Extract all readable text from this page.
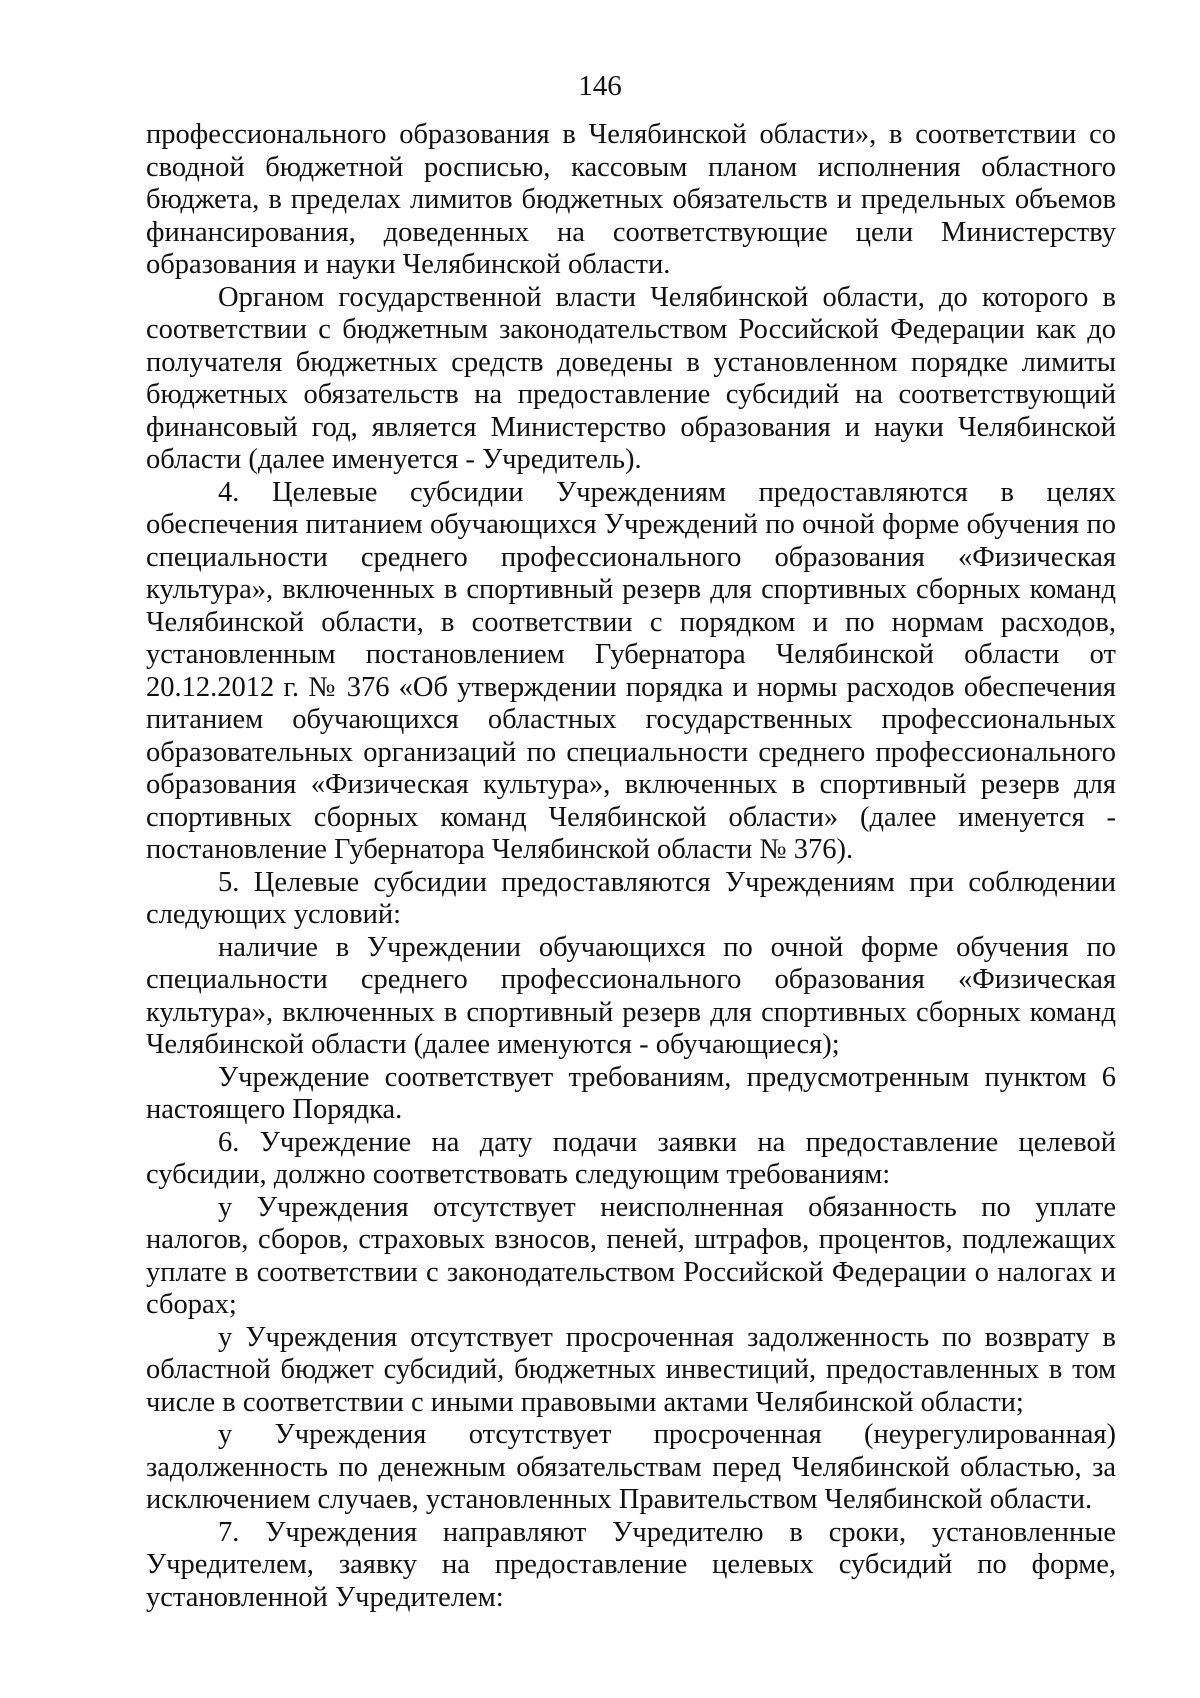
146

профессионального образования в Челябинской области», в соответствии со сводной бюджетной росписью, кассовым планом исполнения областного бюджета, в пределах лимитов бюджетных обязательств и предельных объемов финансирования, доведенных на соответствующие цели Министерству образования и науки Челябинской области.

Органом государственной власти Челябинской области, до которого в соответствии с бюджетным законодательством Российской Федерации как до получателя бюджетных средств доведены в установленном порядке лимиты бюджетных обязательств на предоставление субсидий на соответствующий финансовый год, является Министерство образования и науки Челябинской области (далее именуется - Учредитель).

4. Целевые субсидии Учреждениям предоставляются в целях обеспечения питанием обучающихся Учреждений по очной форме обучения по специальности среднего профессионального образования «Физическая культура», включенных в спортивный резерв для спортивных сборных команд Челябинской области, в соответствии с порядком и по нормам расходов, установленным постановлением Губернатора Челябинской области от 20.12.2012 г. № 376 «Об утверждении порядка и нормы расходов обеспечения питанием обучающихся областных государственных профессиональных образовательных организаций по специальности среднего профессионального образования «Физическая культура», включенных в спортивный резерв для спортивных сборных команд Челябинской области» (далее именуется - постановление Губернатора Челябинской области № 376).

5. Целевые субсидии предоставляются Учреждениям при соблюдении следующих условий:

наличие в Учреждении обучающихся по очной форме обучения по специальности среднего профессионального образования «Физическая культура», включенных в спортивный резерв для спортивных сборных команд Челябинской области (далее именуются - обучающиеся);

Учреждение соответствует требованиям, предусмотренным пунктом 6 настоящего Порядка.

6. Учреждение на дату подачи заявки на предоставление целевой субсидии, должно соответствовать следующим требованиям:

у Учреждения отсутствует неисполненная обязанность по уплате налогов, сборов, страховых взносов, пеней, штрафов, процентов, подлежащих уплате в соответствии с законодательством Российской Федерации о налогах и сборах;

у Учреждения отсутствует просроченная задолженность по возврату в областной бюджет субсидий, бюджетных инвестиций, предоставленных в том числе в соответствии с иными правовыми актами Челябинской области;

у Учреждения отсутствует просроченная (неурегулированная) задолженность по денежным обязательствам перед Челябинской областью, за исключением случаев, установленных Правительством Челябинской области.

7. Учреждения направляют Учредителю в сроки, установленные Учредителем, заявку на предоставление целевых субсидий по форме, установленной Учредителем:
